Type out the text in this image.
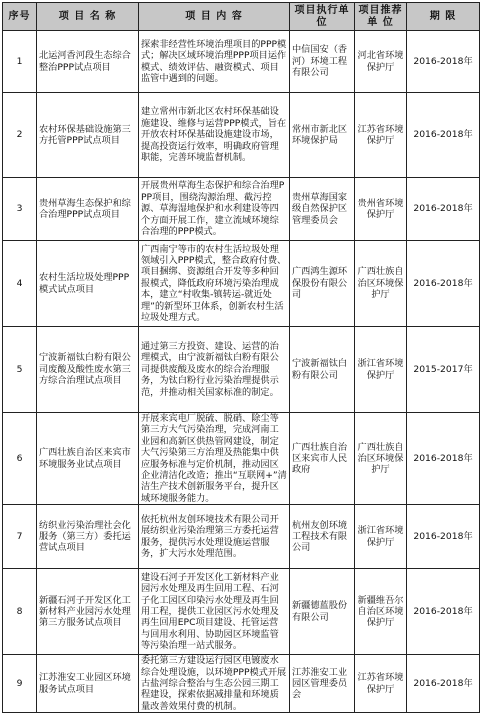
序号	项 目 名 称	项 目 内 容	项目执行单位	项目推荐单 位	期 限
1	北运河香河段生态综合整治PPP试点项目	探索非经营性环境治理项目的PPP模式；解决区域环境治理PPP项目运作模式、绩效评估、融资模式、项目监管中遇到的问题。	中信国安（香河）环境工程有限公司	河北省环境保护厅	2016-2018年
2	农村环保基础设施第三方托管PPP试点项目	建立常州市新北区农村环保基础设施建设、维修与运营PPP模式，旨在开放农村环保基础设施建设市场，提高投资运行效率，明确政府管理职能，完善环境监督机制。	常州市新北区环境保护局	江苏省环境保护厅	2016-2018年
3	贵州草海生态保护和综合治理PPP试点项目	开展贵州草海生态保护和综合治理PPP项目，围绕沟源治理、截污控源、草海湿地保护和水利建设等四个方面开展工作，建立流域环境综合治理的PPP模式。	贵州草海国家级自然保护区管理委员会	贵州省环境保护厅	2016-2018年
4	农村生活垃圾处理PPP模式试点项目	广西南宁等市的农村生活垃圾处理领域引入PPP模式，整合政府付费、项目捆绑、资源组合开发等多种回报模式，降低政府环境污染治理成本，建立“村收集-镇转运-就近处理”的新型环卫体系，创新农村生活垃圾处理方式。	广西鸿生源环保股份有限公司	广西壮族自治区环境保护厅	2016-2018年
5	宁波新福钛白粉有限公司废酸及酸性废水第三方综合治理试点项目	通过第三方投资、建设、运营的治理模式，由宁波新福钛白粉有限公司提供废酸及废水的综合治理服务，为钛白粉行业污染治理提供示范，并推动相关国家标准的制定。	宁波新福钛白粉有限公司	浙江省环境保护厅	2015-2017年
6	广西壮族自治区来宾市环境服务业试点项目	开展来宾电厂脱硫、脱硝、除尘等第三方大气污染治理，完成河南工业园和高新区供热管网建设，制定大气污染第三方治理及热能集中供应服务标准与定价机制，推动园区企业清洁化改造；推出“互联网+”清洁生产技术创新服务平台，提升区域环境服务能力。	广西壮族自治区来宾市人民政府	广西壮族自治区环境保护厅	2016-2018年
7	纺织业污染治理社会化服务（第三方）委托运营试点项目	依托杭州友创环境技术有限公司开展纺织业污染治理第三方委托运营服务，提供污水处理设施运营服务，扩大污水处理范围。	杭州友创环境工程技术有限公司	浙江省环境保护厅	2016-2018年
8	新疆石河子开发区化工新材料产业园污水处理第三方服务试点项目	建设石河子开发区化工新材料产业园污水处理及再生回用工程、石河子化工园区印染污水处理及再生回用工程，提供工业园区污水处理及再生回用EPC项目建设、托管运营与回用水利用、协助园区环境监管等污染治理一站式服务。	新疆德蓝股份有限公司	新疆维吾尔自治区环境保护厅	2016-2018年
9	江苏淮安工业园区环境服务试点项目	委托第三方建设运行园区电镀废水综合处理设施，以环境PPP模式开展古盐河综合整治与生态公园三期工程建设，探索依据减排量和环境质量改善效果付费的机制。	江苏淮安工业园区管理委员会	江苏省环境保护厅	2016-2018年
